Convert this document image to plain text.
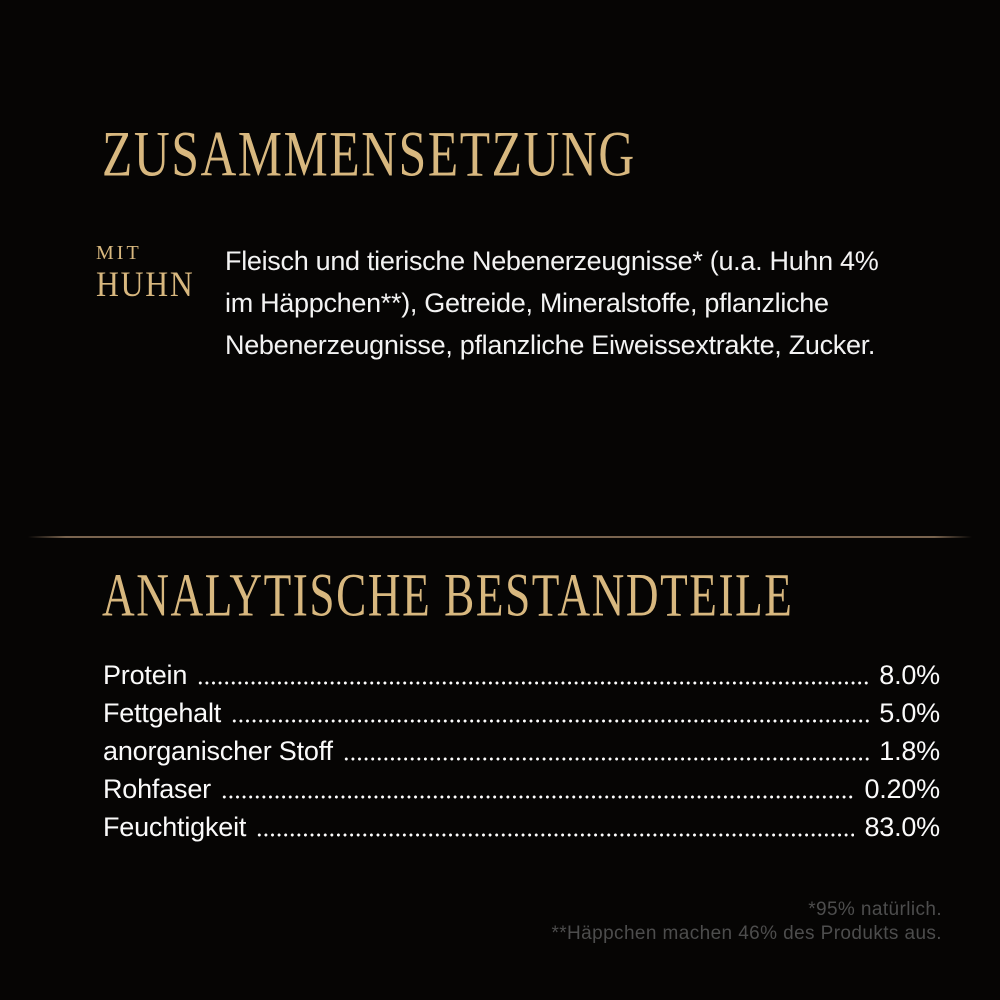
ZUSAMMENSETZUNG
MIT
HUHN
Fleisch und tierische Nebenerzeugnisse* (u.a. Huhn 4%
im Häppchen**), Getreide, Mineralstoffe, pflanzliche
Nebenerzeugnisse, pflanzliche Eiweissextrakte, Zucker.
ANALYTISCHE BESTANDTEILE
Protein	8.0%
Fettgehalt	5.0%
anorganischer Stoff	1.8%
Rohfaser	0.20%
Feuchtigkeit	83.0%
*95% natürlich.
**Häppchen machen 46% des Produkts aus.
